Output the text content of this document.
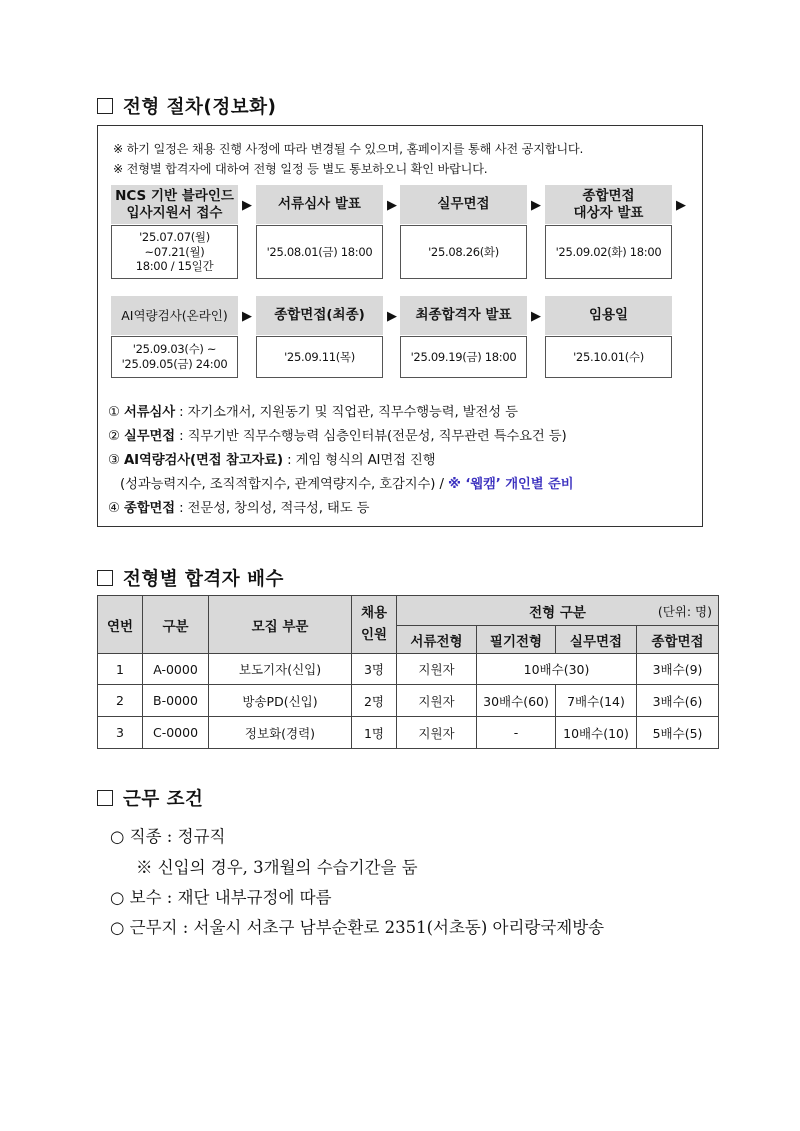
전형 절차(정보화)
※ 하기 일정은 채용 진행 사정에 따라 변경될 수 있으며, 홈페이지를 통해 사전 공지합니다.
※ 전형별 합격자에 대하여 전형 일정 등 별도 통보하오니 확인 바랍니다.
NCS 기반 블라인드
입사지원서 접수
서류심사 발표	실무면접
종합면접
대상자 발표
▶	▶	▶	▶
'25.07.07(월)
~07.21(월)
18:00 / 15일간
'25.08.01(금) 18:00	'25.08.26(화)	'25.09.02(화) 18:00
AI역량검사(온라인)	종합면접(최종)	최종합격자 발표	임용일
▶	▶	▶
'25.09.03(수) ~
'25.09.05(금) 24:00
'25.09.11(목)	'25.09.19(금) 18:00	'25.10.01(수)
① 서류심사 : 자기소개서, 지원동기 및 직업관, 직무수행능력, 발전성 등
② 실무면접 : 직무기반 직무수행능력 심층인터뷰(전문성, 직무관련 특수요건 등)
③ AI역량검사(면접 참고자료) : 게임 형식의 AI면접 진행
(성과능력지수, 조직적합지수, 관계역량지수, 호감지수) / ※ ‘웹캠’ 개인별 준비
④ 종합면접 : 전문성, 창의성, 적극성, 태도 등
전형별 합격자 배수
연번	구분	모집 부문	채용
인원	전형 구분 (단위: 명)			

				서류전형	필기전형	실무면접	종합면접
1	A-0000	보도기자(신입)	3명	지원자	10배수(30)		3배수(9)
2	B-0000	방송PD(신입)	2명	지원자	30배수(60)	7배수(14)	3배수(6)
3	C-0000	정보화(경력)	1명	지원자	-	10배수(10)	5배수(5)
근무 조건
○ 직종 : 정규직
※ 신입의 경우, 3개월의 수습기간을 둠
○ 보수 : 재단 내부규정에 따름
○ 근무지 : 서울시 서초구 남부순환로 2351(서초동) 아리랑국제방송
